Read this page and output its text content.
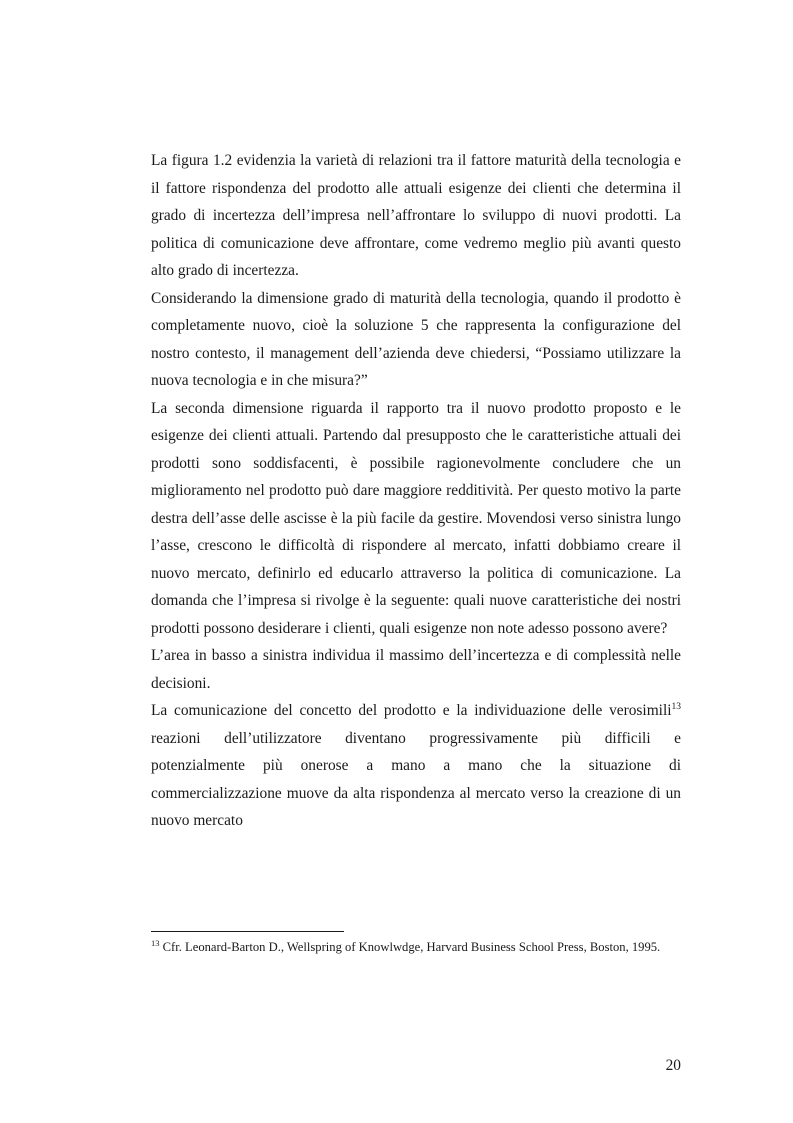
La figura 1.2 evidenzia la varietà di relazioni tra il fattore maturità della tecnologia e il fattore rispondenza del prodotto alle attuali esigenze dei clienti che determina il grado di incertezza dell’impresa nell’affrontare lo sviluppo di nuovi prodotti. La politica di comunicazione deve affrontare, come vedremo meglio più avanti questo alto grado di incertezza.

Considerando la dimensione grado di maturità della tecnologia, quando il prodotto è completamente nuovo, cioè la soluzione 5 che rappresenta la configurazione del nostro contesto, il management dell’azienda deve chiedersi, “Possiamo utilizzare la nuova tecnologia e in che misura?”

La seconda dimensione riguarda il rapporto tra il nuovo prodotto proposto e le esigenze dei clienti attuali. Partendo dal presupposto che le caratteristiche attuali dei prodotti sono soddisfacenti, è possibile ragionevolmente concludere che un miglioramento nel prodotto può dare maggiore redditività. Per questo motivo la parte destra dell’asse delle ascisse è la più facile da gestire. Movendosi verso sinistra lungo l’asse, crescono le difficoltà di rispondere al mercato, infatti dobbiamo creare il nuovo mercato, definirlo ed educarlo attraverso la politica di comunicazione. La domanda che l’impresa si rivolge è la seguente: quali nuove caratteristiche dei nostri prodotti possono desiderare i clienti, quali esigenze non note adesso possono avere?

L’area in basso a sinistra individua il massimo dell’incertezza e di complessità nelle decisioni.

La comunicazione del concetto del prodotto e la individuazione delle verosimili$^{13}$

reazioni dell’utilizzatore diventano progressivamente più difficili e

potenzialmente più onerose a mano a mano che la situazione di

commercializzazione muove da alta rispondenza al mercato verso la creazione di un nuovo mercato

$^{13}$ Cfr. Leonard-Barton D., Wellspring of Knowlwdge, Harvard Business School Press, Boston, 1995.
20
